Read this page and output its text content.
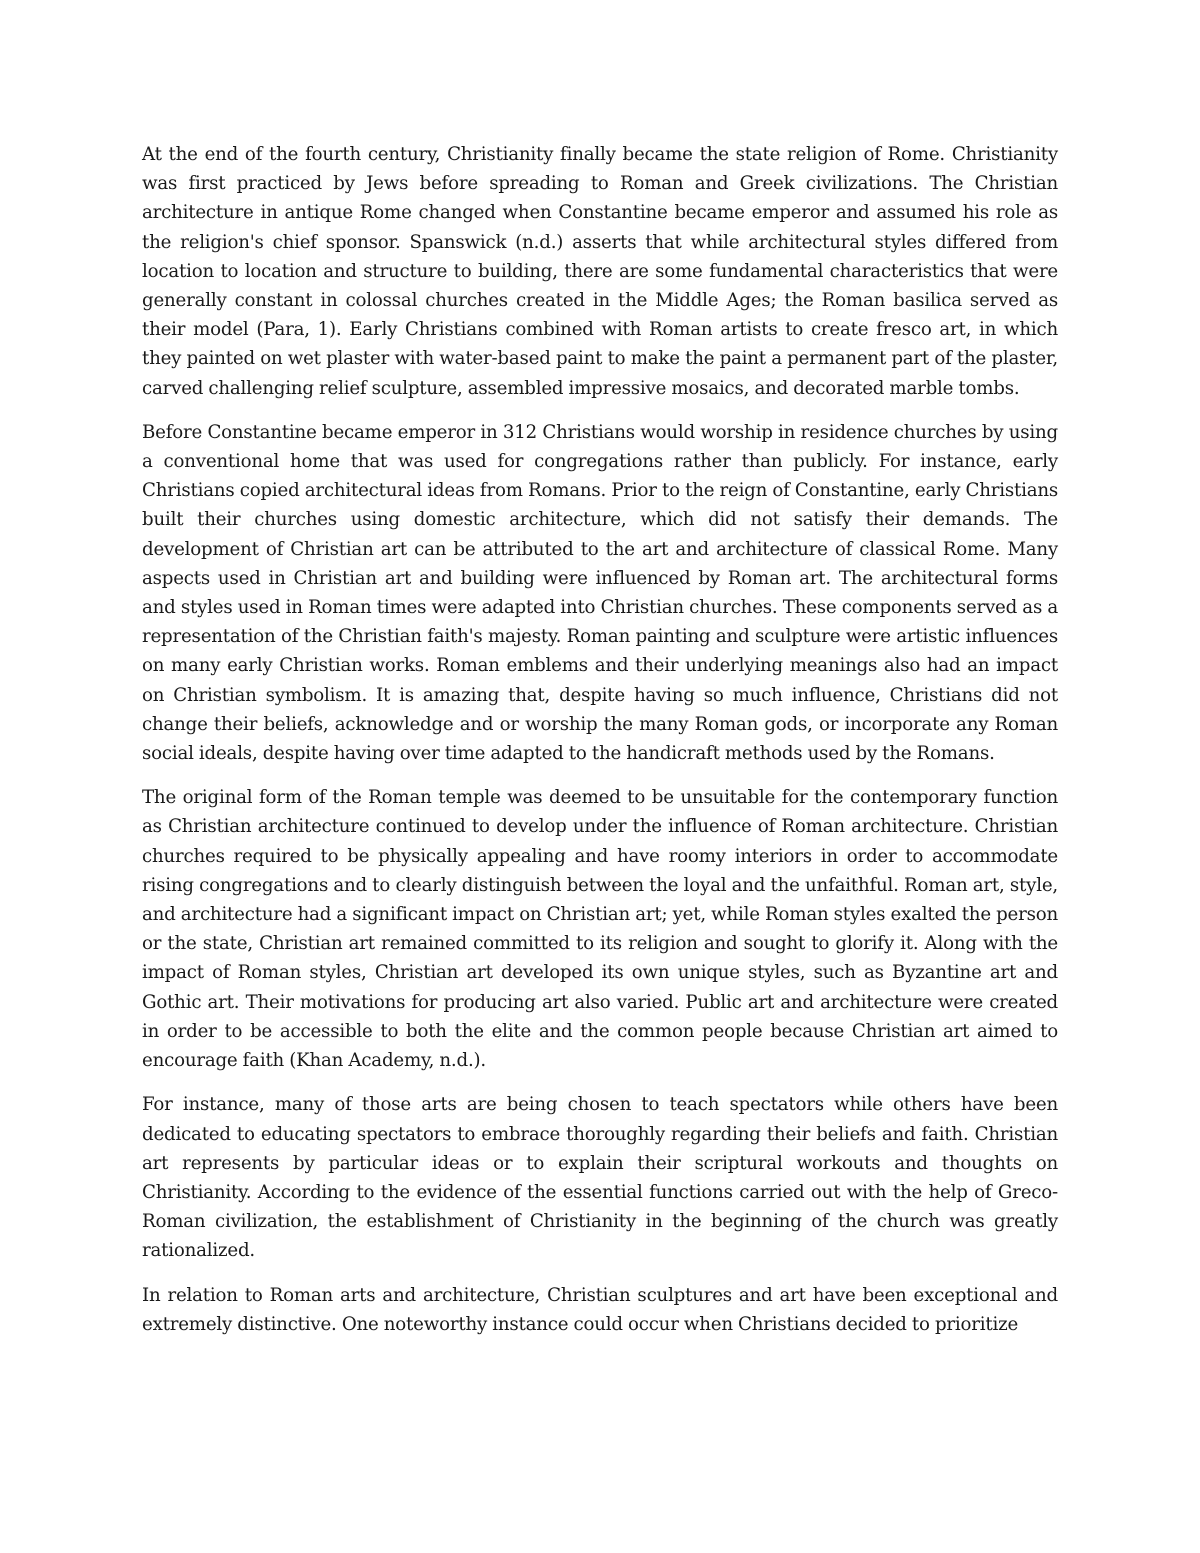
At the end of the fourth century, Christianity finally became the state religion of Rome. Christianity was first practiced by Jews before spreading to Roman and Greek civilizations. The Christian architecture in antique Rome changed when Constantine became emperor and assumed his role as the religion's chief sponsor. Spanswick (n.d.) asserts that while architectural styles differed from location to location and structure to building, there are some fundamental characteristics that were generally constant in colossal churches created in the Middle Ages; the Roman basilica served as their model (Para, 1). Early Christians combined with Roman artists to create fresco art, in which they painted on wet plaster with water-based paint to make the paint a permanent part of the plaster, carved challenging relief sculpture, assembled impressive mosaics, and decorated marble tombs.

Before Constantine became emperor in 312 Christians would worship in residence churches by using a conventional home that was used for congregations rather than publicly. For instance, early Christians copied architectural ideas from Romans. Prior to the reign of Constantine, early Christians built their churches using domestic architecture, which did not satisfy their demands. The development of Christian art can be attributed to the art and architecture of classical Rome. Many aspects used in Christian art and building were influenced by Roman art. The architectural forms and styles used in Roman times were adapted into Christian churches. These components served as a representation of the Christian faith's majesty. Roman painting and sculpture were artistic influences on many early Christian works. Roman emblems and their underlying meanings also had an impact on Christian symbolism. It is amazing that, despite having so much influence, Christians did not change their beliefs, acknowledge and or worship the many Roman gods, or incorporate any Roman social ideals, despite having over time adapted to the handicraft methods used by the Romans.

The original form of the Roman temple was deemed to be unsuitable for the contemporary function as Christian architecture continued to develop under the influence of Roman architecture. Christian churches required to be physically appealing and have roomy interiors in order to accommodate rising congregations and to clearly distinguish between the loyal and the unfaithful. Roman art, style, and architecture had a significant impact on Christian art; yet, while Roman styles exalted the person or the state, Christian art remained committed to its religion and sought to glorify it. Along with the impact of Roman styles, Christian art developed its own unique styles, such as Byzantine art and Gothic art. Their motivations for producing art also varied. Public art and architecture were created in order to be accessible to both the elite and the common people because Christian art aimed to encourage faith (Khan Academy, n.d.).

For instance, many of those arts are being chosen to teach spectators while others have been dedicated to educating spectators to embrace thoroughly regarding their beliefs and faith. Christian art represents by particular ideas or to explain their scriptural workouts and thoughts on Christianity. According to the evidence of the essential functions carried out with the help of Greco-Roman civilization, the establishment of Christianity in the beginning of the church was greatly rationalized.

In relation to Roman arts and architecture, Christian sculptures and art have been exceptional and extremely distinctive. One noteworthy instance could occur when Christians decided to prioritize
